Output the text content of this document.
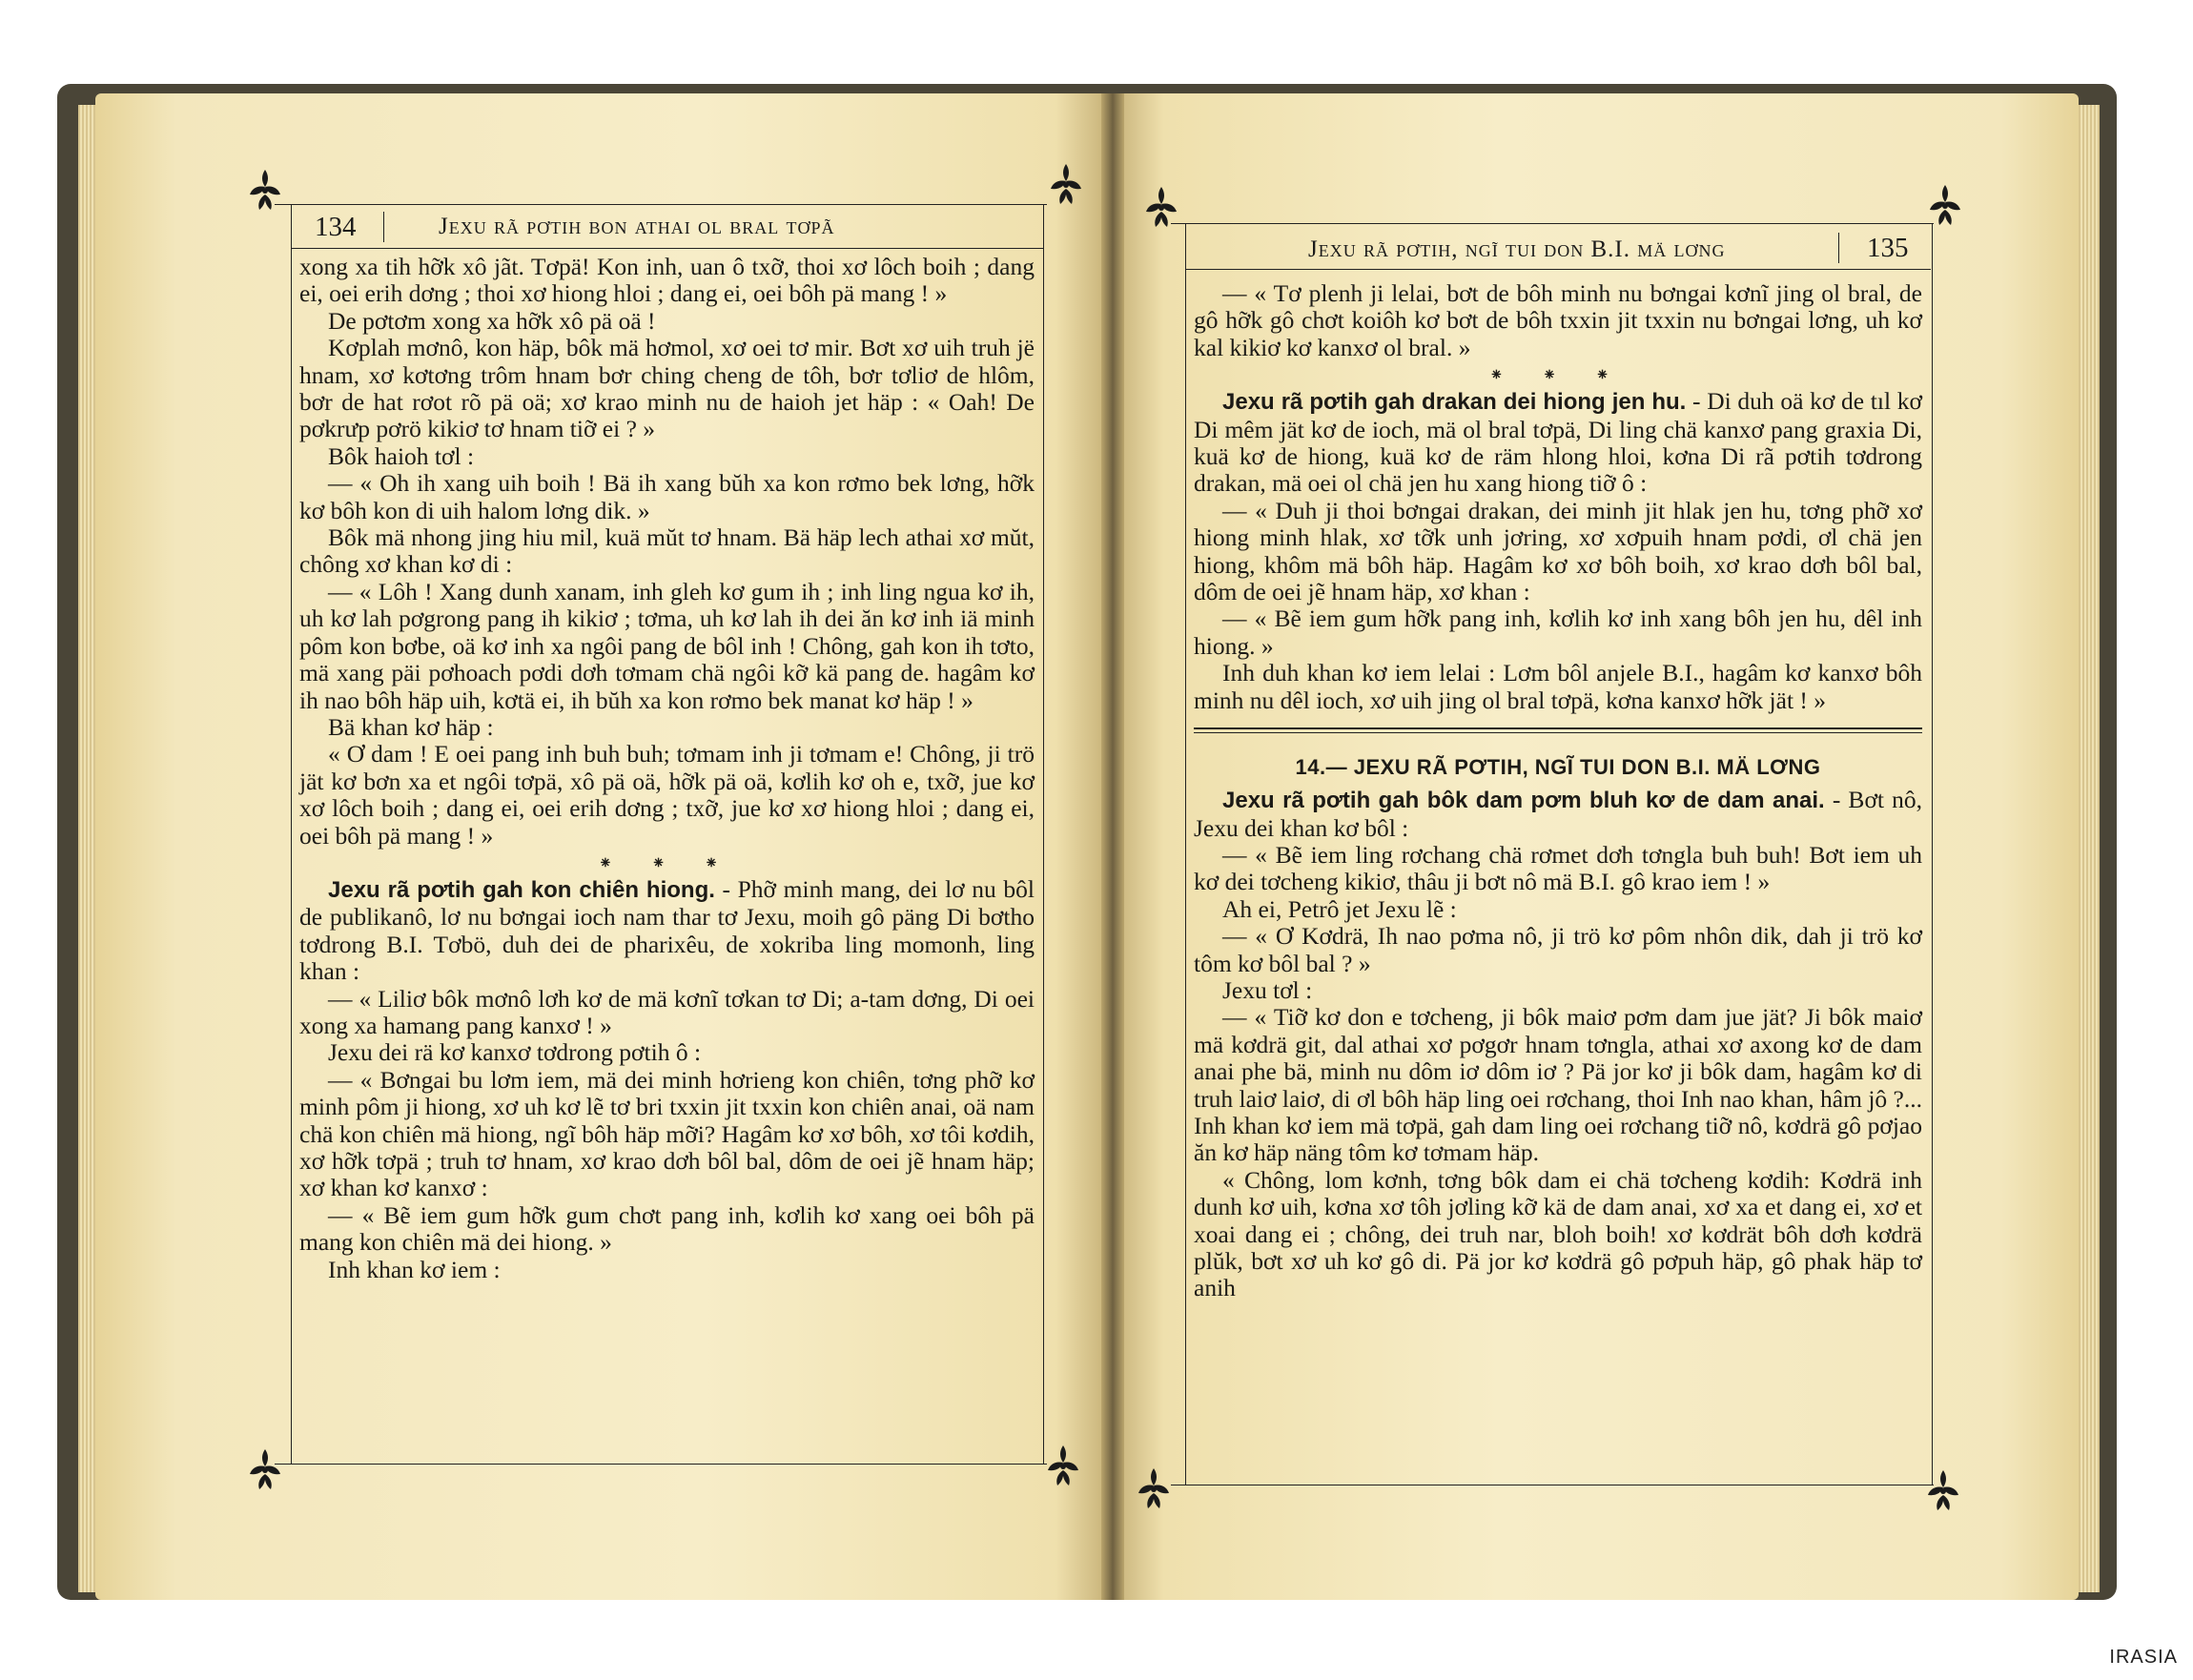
134	Jexu rã pơtih bon athai ol bral tơpã

xong xa tih hỡk xô jãt. Tơpä! Kon inh, uan ô txỡ, thoi xơ lôch boih ; dang ei, oei erih dơng ; thoi xơ hiong hloi ; dang ei, oei bôh pä mang ! »

De pơtơm xong xa hỡk xô pä oä !

Kơplah mơnô, kon häp, bôk mä hơmol, xơ oei tơ mir. Bơt xơ uih truh jë hnam, xơ kơtơng trôm hnam bơr ching cheng de tôh, bơr tơliơ de hlôm, bơr de hat rơot rõ pä oä; xơ krao minh nu de haioh jet häp : « Oah! De pơkrưp pơrö kikiơ tơ hnam tiỡ ei ? »

Bôk haioh tơl :

— « Oh ih xang uih boih ! Bä ih xang bŭh xa kon rơmo bek lơng, hỡk kơ bôh kon di uih halom lơng dik. »

Bôk mä nhong jing hiu mil, kuä mŭt tơ hnam. Bä häp lech athai xơ mŭt, chông xơ khan kơ di :

— « Lôh ! Xang dunh xanam, inh gleh kơ gum ih ; inh ling ngua kơ ih, uh kơ lah pơgrong pang ih kikiơ ; tơma, uh kơ lah ih dei ăn kơ inh iä minh pôm kon bơbe, oä kơ inh xa ngôi pang de bôl inh ! Chông, gah kon ih tơto, mä xang päi pơhoach pơdi dơh tơmam chä ngôi kỡ kä pang de. hagâm kơ ih nao bôh häp uih, kơtä ei, ih bŭh xa kon rơmo bek manat kơ häp ! »

Bä khan kơ häp :

« Ơ dam ! E oei pang inh buh buh; tơmam inh ji tơmam e! Chông, ji trö jät kơ bơn xa et ngôi tơpä, xô pä oä, hỡk pä oä, kơlih kơ oh e, txỡ, jue kơ xơ lôch boih ; dang ei, oei erih dơng ; txỡ, jue kơ xơ hiong hloi ; dang ei, oei bôh pä mang ! »

⁕ ⁕ ⁕

Jexu rã pơtih gah kon chiên hiong. - Phỡ minh mang, dei lơ nu bôl de publikanô, lơ nu bơngai ioch nam thar tơ Jexu, moih gô päng Di bơtho tơdrong B.I. Tơbö, duh dei de pharixêu, de xokriba ling momonh, ling khan :

— « Liliơ bôk mơnô lơh kơ de mä kơnĩ tơkan tơ Di; a-tam dơng, Di oei xong xa hamang pang kanxơ ! »

Jexu dei rä kơ kanxơ tơdrong pơtih ô :

— « Bơngai bu lơm iem, mä dei minh hơrieng kon chiên, tơng phỡ kơ minh pôm ji hiong, xơ uh kơ lẽ tơ bri txxin jit txxin kon chiên anai, oä nam chä kon chiên mä hiong, ngĩ bôh häp mỡi? Hagâm kơ xơ bôh, xơ tôi kơdih, xơ hỡk tơpä ; truh tơ hnam, xơ krao dơh bôl bal, dôm de oei jẽ hnam häp; xơ khan kơ kanxơ :

— « Bẽ iem gum hỡk gum chơt pang inh, kơlih kơ xang oei bôh pä mang kon chiên mä dei hiong. »

Inh khan kơ iem :

Jexu rã pơtih, ngĩ tui don B.I. mä lơng	135

— « Tơ plenh ji lelai, bơt de bôh minh nu bơngai kơnĩ jing ol bral, de gô hỡk gô chơt koiôh kơ bơt de bôh txxin jit txxin nu bơngai lơng, uh kơ kal kikiơ kơ kanxơ ol bral. »

⁕ ⁕ ⁕

Jexu rã pơtih gah drakan dei hiong jen hu. - Di duh oä kơ de tıl kơ Di mêm jät kơ de ioch, mä ol bral tơpä, Di ling chä kanxơ pang graxia Di, kuä kơ de hiong, kuä kơ de räm hlong hloi, kơna Di rã pơtih tơdrong drakan, mä oei ol chä jen hu xang hiong tiỡ ô :

— « Duh ji thoi bơngai drakan, dei minh jit hlak jen hu, tơng phỡ xơ hiong minh hlak, xơ tỡk unh jơring, xơ xơpuih hnam pơdi, ơl chä jen hiong, khôm mä bôh häp. Hagâm kơ xơ bôh boih, xơ krao dơh bôl bal, dôm de oei jẽ hnam häp, xơ khan :

— « Bẽ iem gum hỡk pang inh, kơlih kơ inh xang bôh jen hu, dêl inh hiong. »

Inh duh khan kơ iem lelai : Lơm bôl anjele B.I., hagâm kơ kanxơ bôh minh nu dêl ioch, xơ uih jing ol bral tơpä, kơna kanxơ hỡk jät ! »

14.— JEXU RÃ PƠTIH, NGĨ TUI DON B.I. MÄ LƠNG

Jexu rã pơtih gah bôk dam pơm bluh kơ de dam anai. - Bơt nô, Jexu dei khan kơ bôl :

— « Bẽ iem ling rơchang chä rơmet dơh tơngla buh buh! Bơt iem uh kơ dei tơcheng kikiơ, thâu ji bơt nô mä B.I. gô krao iem ! »

Ah ei, Petrô jet Jexu lẽ :

— « Ơ Kơdrä, Ih nao pơma nô, ji trö kơ pôm nhôn dik, dah ji trö kơ tôm kơ bôl bal ? »

Jexu tơl :

— « Tiỡ kơ don e tơcheng, ji bôk maiơ pơm dam jue jät? Ji bôk maiơ mä kơdrä git, dal athai xơ pơgơr hnam tơngla, athai xơ axong kơ de dam anai phe bä, minh nu dôm iơ dôm iơ ? Pä jor kơ ji bôk dam, hagâm kơ di truh laiơ laiơ, di ơl bôh häp ling oei rơchang, thoi Inh nao khan, hâm jô ?... Inh khan kơ iem mä tơpä, gah dam ling oei rơchang tiỡ nô, kơdrä gô pơjao ăn kơ häp näng tôm kơ tơmam häp.

« Chông, lom kơnh, tơng bôk dam ei chä tơcheng kơdih: Kơdrä inh dunh kơ uih, kơna xơ tôh jơling kỡ kä de dam anai, xơ xa et dang ei, xơ et xoai dang ei ; chông, dei truh nar, bloh boih! xơ kơdrät bôh dơh kơdrä plŭk, bơt xơ uh kơ gô di. Pä jor kơ kơdrä gô pơpuh häp, gô phak häp tơ anih

IRASIA
